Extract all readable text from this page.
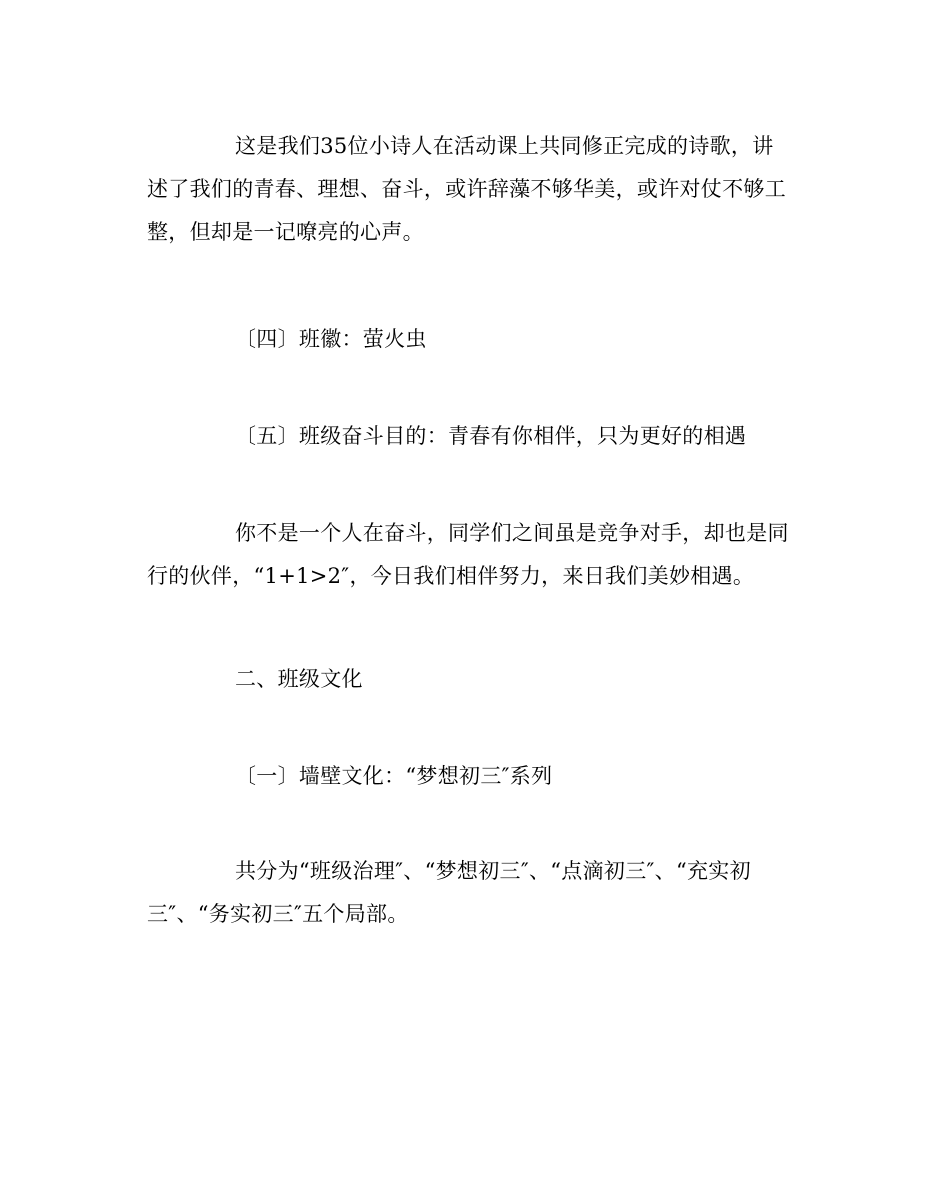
这是我们35位小诗人在活动课上共同修正完成的诗歌，讲
述了我们的青春、理想、奋斗，或许辞藻不够华美，或许对仗不够工
整，但却是一记嘹亮的心声。

〔四〕班徽：萤火虫

〔五〕班级奋斗目的：青春有你相伴，只为更好的相遇

你不是一个人在奋斗，同学们之间虽是竞争对手，却也是同
行的伙伴，“1+1>2″，今日我们相伴努力，来日我们美妙相遇。

二、班级文化

〔一〕墙壁文化：“梦想初三″系列

共分为“班级治理″、“梦想初三″、“点滴初三″、“充实初
三″、“务实初三″五个局部。
